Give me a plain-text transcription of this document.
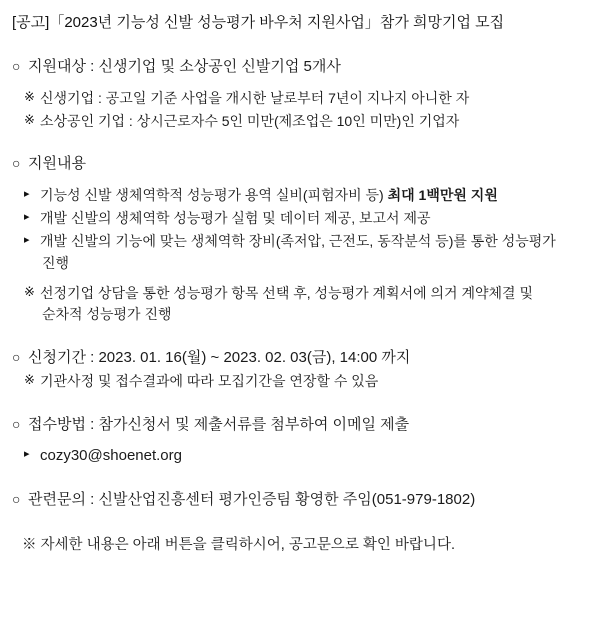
[공고]「2023년 기능성 신발 성능평가 바우처 지원사업」참가 희망기업 모집
○ 지원대상 : 신생기업 및 소상공인 신발기업 5개사
※ 신생기업 : 공고일 기준 사업을 개시한 날로부터 7년이 지나지 아니한 자
※ 소상공인 기업 : 상시근로자수 5인 미만(제조업은 10인 미만)인 기업자
○ 지원내용
▸ 기능성 신발 생체역학적 성능평가 용역 실비(피험자비 등) 최대 1백만원 지원
▸ 개발 신발의 생체역학 성능평가 실험 및 데이터 제공, 보고서 제공
▸ 개발 신발의 기능에 맞는 생체역학 장비(족저압, 근전도, 동작분석 등)를 통한 성능평가
진행
※ 선정기업 상담을 통한 성능평가 항목 선택 후, 성능평가 계획서에 의거 계약체결 및
순차적 성능평가 진행
○ 신청기간 : 2023. 01. 16(월) ~ 2023. 02. 03(금), 14:00 까지
※ 기관사정 및 접수결과에 따라 모집기간을 연장할 수 있음
○ 접수방법 : 참가신청서 및 제출서류를 첨부하여 이메일 제출
▸ cozy30@shoenet.org
○ 관련문의 : 신발산업진흥센터 평가인증팀 황영한 주임(051-979-1802)
※ 자세한 내용은 아래 버튼을 클릭하시어, 공고문으로 확인 바랍니다.
